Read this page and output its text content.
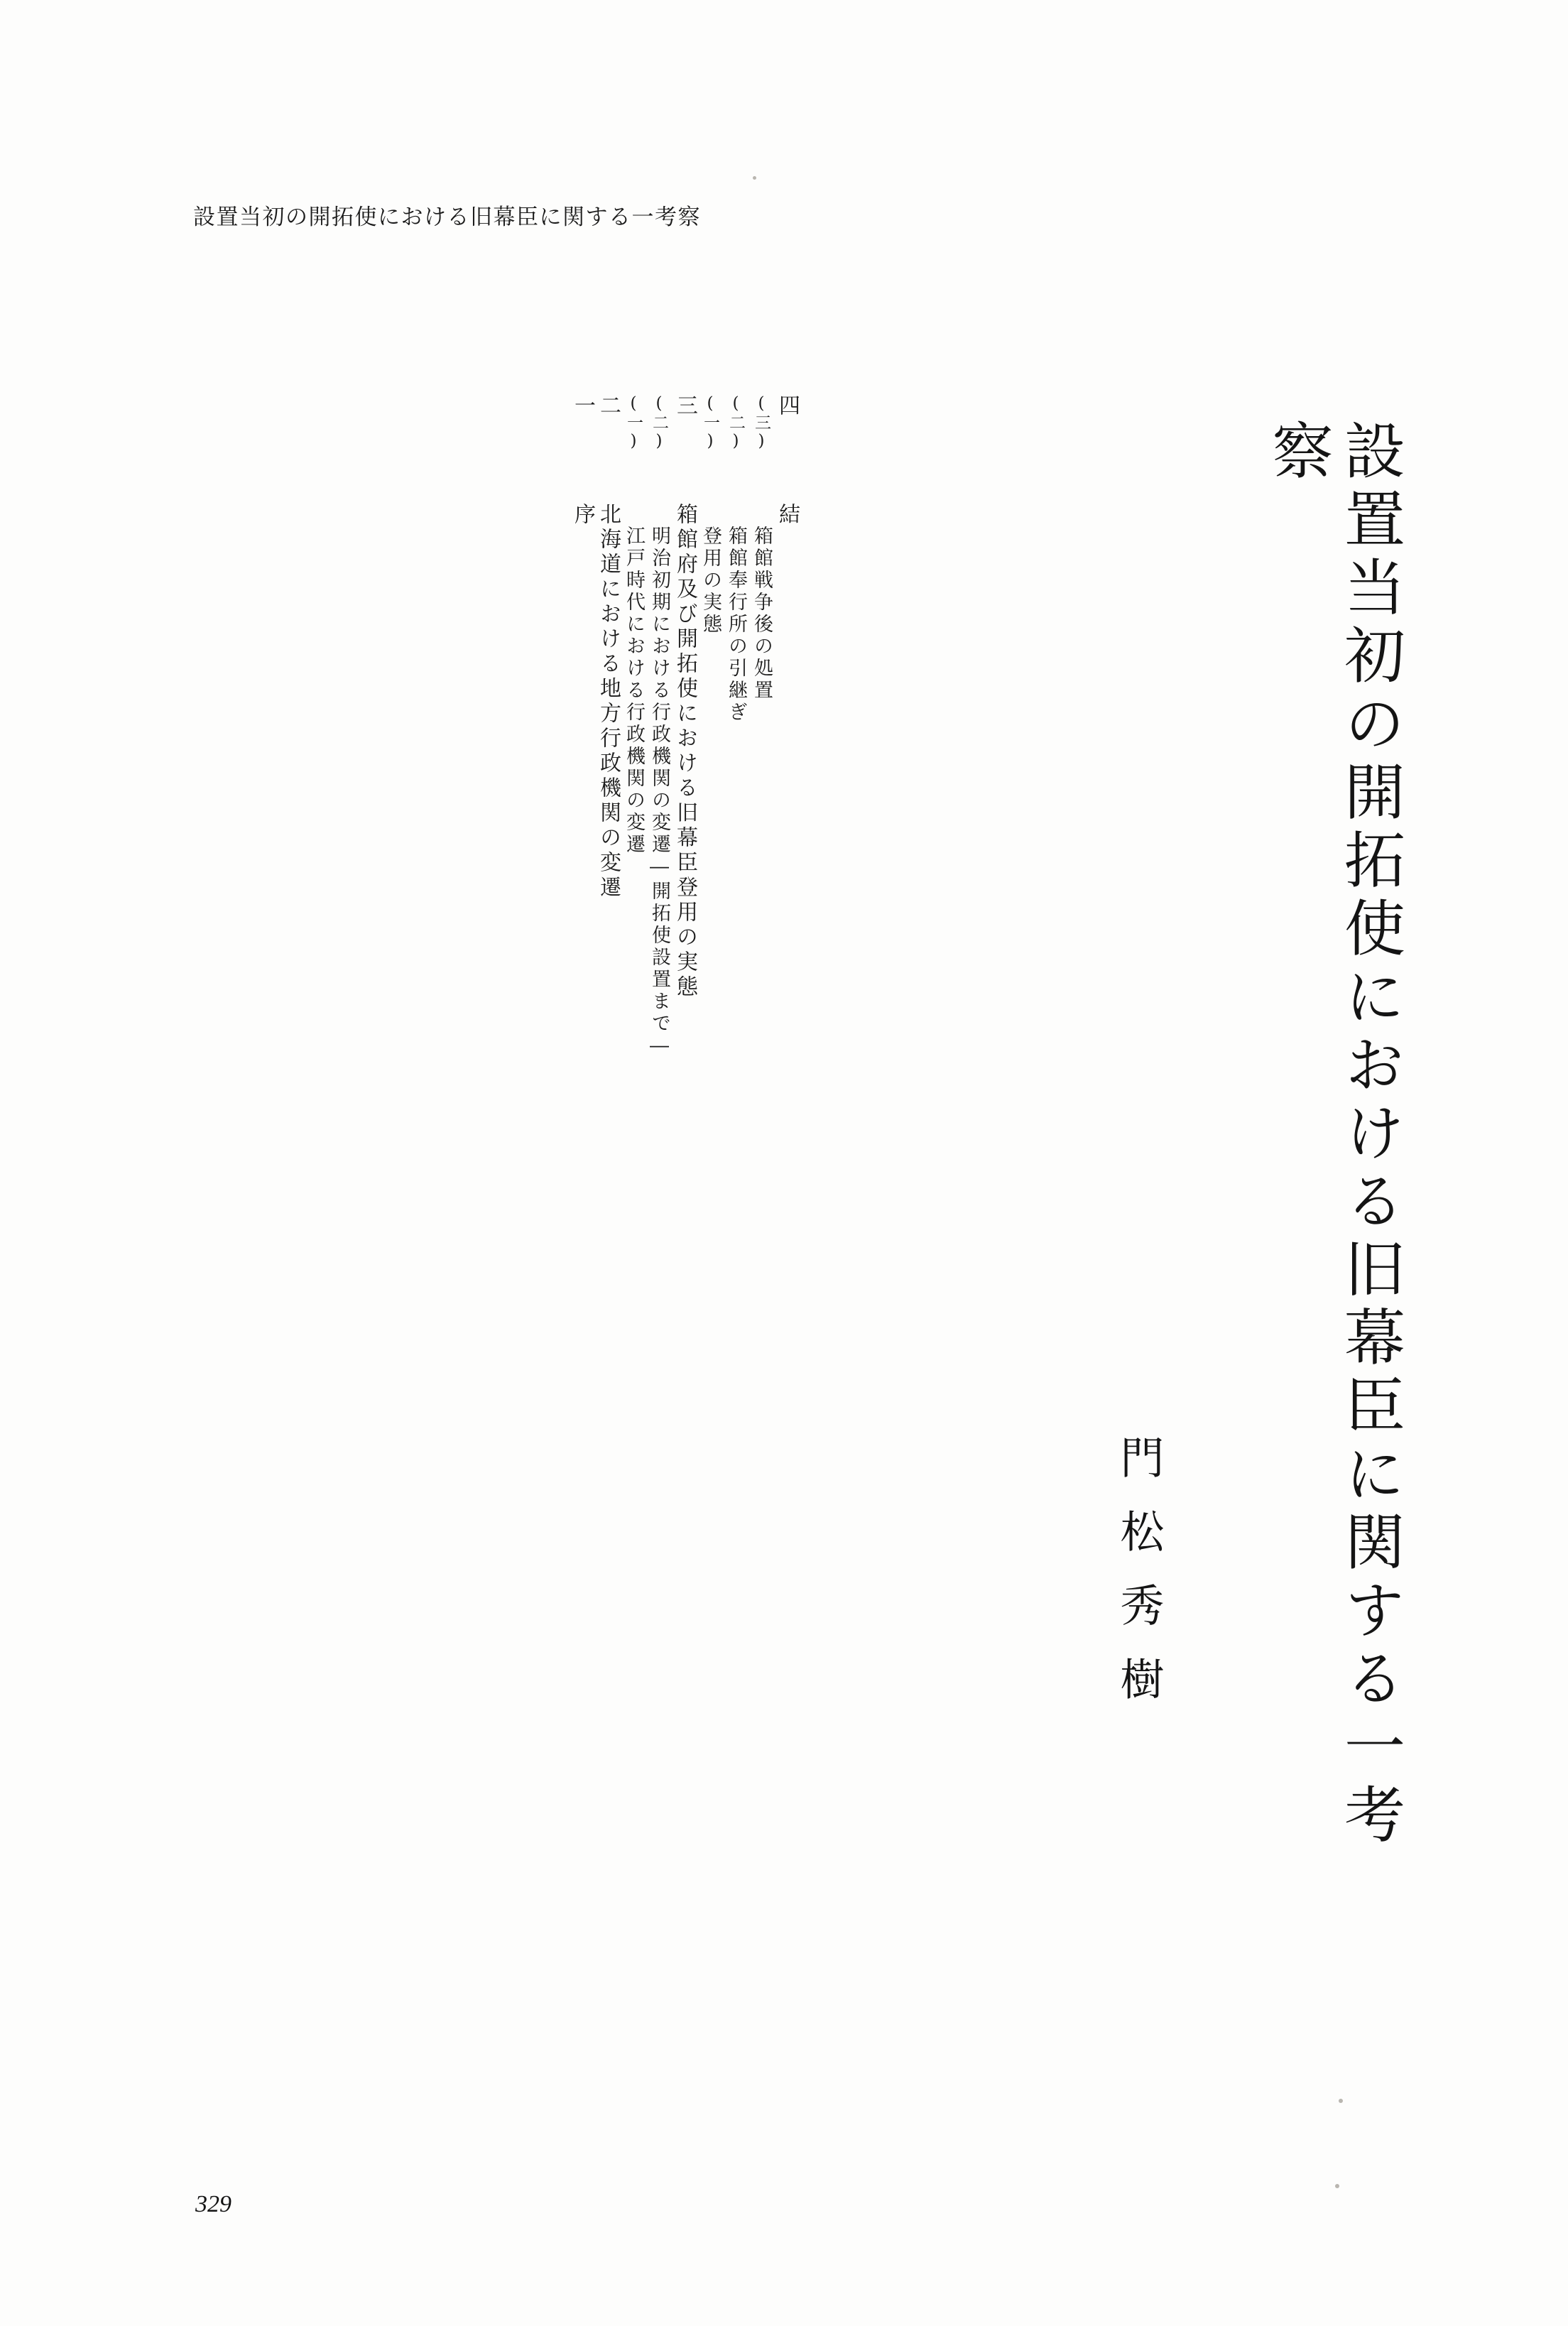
設置当初の開拓使における旧幕臣に関する一考察
設置当初の開拓使における旧幕臣に関する一考察
門松秀樹
一  序
二  北海道における地方行政機関の変遷
(一)  江戸時代における行政機関の変遷
(二)  明治初期における行政機関の変遷―開拓使設置まで―
三  箱館府及び開拓使における旧幕臣登用の実態
(一)  登用の実態
(二)  箱館奉行所の引継ぎ
(三)  箱館戦争後の処置
四  結
329
